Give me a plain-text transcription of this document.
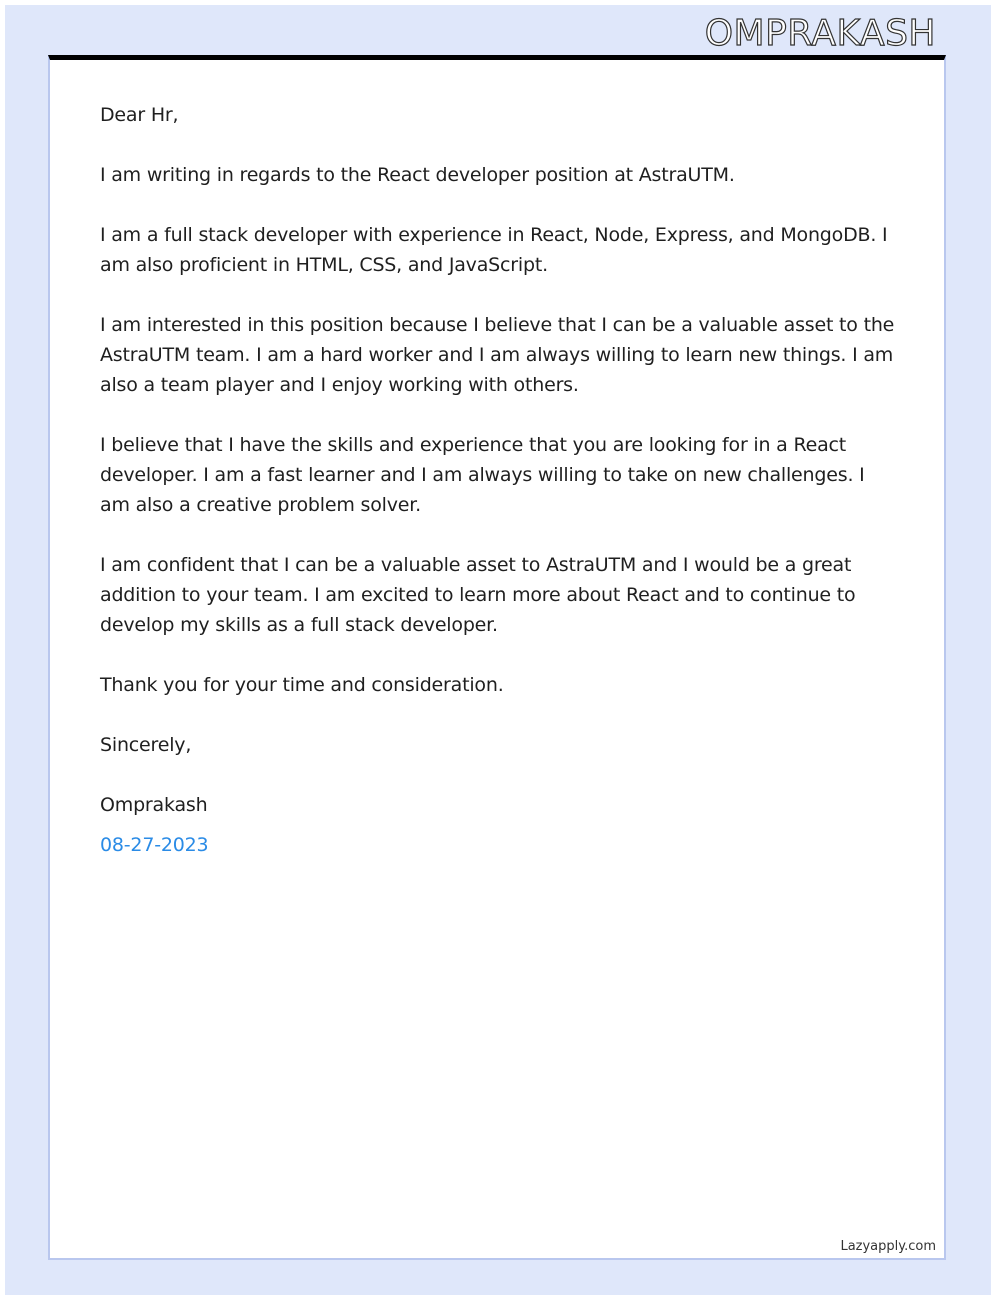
OMPRAKASH

Dear Hr,

I am writing in regards to the React developer position at AstraUTM.

I am a full stack developer with experience in React, Node, Express, and MongoDB. I am also proficient in HTML, CSS, and JavaScript.

I am interested in this position because I believe that I can be a valuable asset to the AstraUTM team. I am a hard worker and I am always willing to learn new things. I am also a team player and I enjoy working with others.

I believe that I have the skills and experience that you are looking for in a React developer. I am a fast learner and I am always willing to take on new challenges. I am also a creative problem solver.

I am confident that I can be a valuable asset to AstraUTM and I would be a great addition to your team. I am excited to learn more about React and to continue to develop my skills as a full stack developer.

Thank you for your time and consideration.

Sincerely,

Omprakash

08-27-2023

Lazyapply.com
